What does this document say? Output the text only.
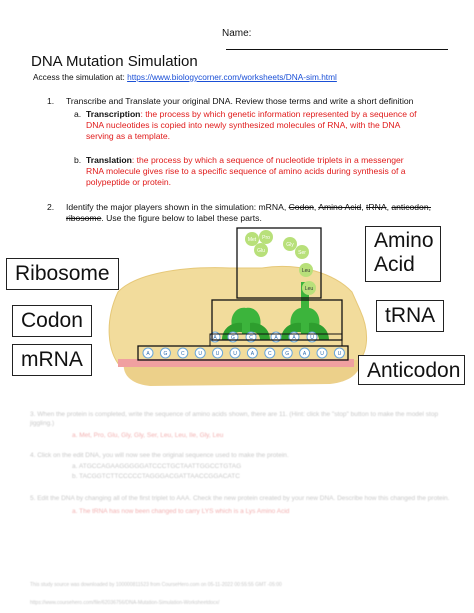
Name:
DNA Mutation Simulation
Access the simulation at: https://www.biologycorner.com/worksheets/DNA-sim.html
1. Transcribe and Translate your original DNA. Review those terms and write a short definition
a. Transcription: the process by which genetic information represented by a sequence of
DNA nucleotides is copied into newly synthesized molecules of RNA, with the DNA
serving as a template.
b. Translation: the process by which a sequence of nucleotide triplets in a messenger
RNA molecule gives rise to a specific sequence of amino acids during synthesis of a
polypeptide or protein.
2. Identify the major players shown in the simulation: mRNA, Codon, Amino Acid, tRNA, anticodon,
ribosome. Use the figure below to label these parts.
Met Pro
Glu
Gly
Ser
Leu
Leu
A	G	C	A	A	U
A	G	C	U	U	U	A	C	G	A	U	U
Amino
Acid
Ribosome
Codon	tRNA
mRNA	Anticodon
3. When the protein is completed, write the sequence of amino acids shown, there are 11. (Hint: click the "stop" button to make the model stop jiggling.)
a. Met, Pro, Glu, Gly, Gly, Ser, Leu, Leu, Ile, Gly, Leu
4. Click on the edit DNA, you will now see the original sequence used to make the protein.
a. ATGCCAGAAGGGGGATCCCTGCTAATTGGCCTGTAG
b. TACGGTCTTCCCCCTAGGGACGATTAACCGGACATC
5. Edit the DNA by changing all of the first triplet to AAA. Check the new protein created by your new DNA. Describe how this changed the protein.
a. The tRNA has now been changed to carry LYS which is a Lys Amino Acid
This study source was downloaded by 100000811523 from CourseHero.com on 05-11-2022 00:55:55 GMT -05:00
https://www.coursehero.com/file/62036756/DNA-Mutation-Simulation-Worksheetdocx/
